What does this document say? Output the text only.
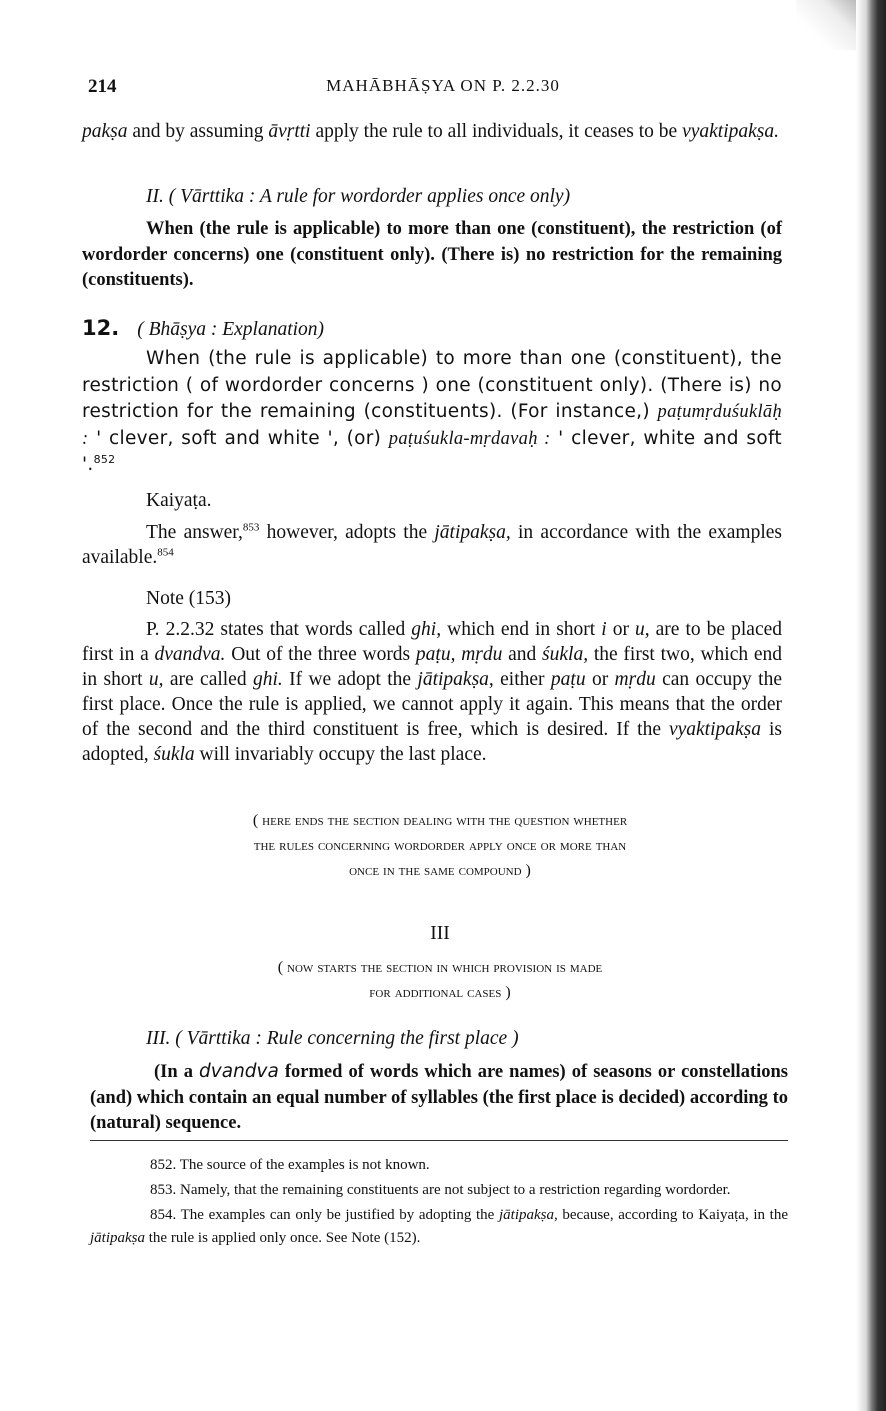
214	MAHĀBHĀṢYA ON P. 2.2.30

pakṣa and by assuming āvṛtti apply the rule to all individuals, it ceases to be vyaktipakṣa.

II. ( Vārttika : A rule for wordorder applies once only)

When (the rule is applicable) to more than one (constituent), the restriction (of wordorder concerns) one (constituent only). (There is) no restriction for the remaining (constituents).

12. ( Bhāṣya : Explanation)

When (the rule is applicable) to more than one (constituent), the restriction ( of wordorder concerns ) one (constituent only). (There is) no restriction for the remaining (constituents). (For instance,) paṭumṛduśuklāḥ : ' clever, soft and white ', (or) paṭuśukla-mṛdavaḥ : ' clever, white and soft '.$^{852}$

Kaiyaṭa.

The answer,$^{853}$ however, adopts the jātipakṣa, in accordance with the examples available.$^{854}$

Note (153)

P. 2.2.32 states that words called ghi, which end in short i or u, are to be placed first in a dvandva. Out of the three words paṭu, mṛdu and śukla, the first two, which end in short u, are called ghi. If we adopt the jātipakṣa, either paṭu or mṛdu can occupy the first place. Once the rule is applied, we cannot apply it again. This means that the order of the second and the third constituent is free, which is desired. If the vyaktipakṣa is adopted, śukla will invariably occupy the last place.

( here ends the section dealing with the question whether

the rules concerning wordorder apply once or more than

once in the same compound )

III

( now starts the section in which provision is made

for additional cases )

III. ( Vārttika : Rule concerning the first place )

(In a dvandva formed of words which are names) of seasons or constellations (and) which contain an equal number of syllables (the first place is decided) according to (natural) sequence.

852. The source of the examples is not known.

853. Namely, that the remaining constituents are not subject to a restriction regarding wordorder.

854. The examples can only be justified by adopting the jātipakṣa, because, according to Kaiyaṭa, in the jātipakṣa the rule is applied only once. See Note (152).
